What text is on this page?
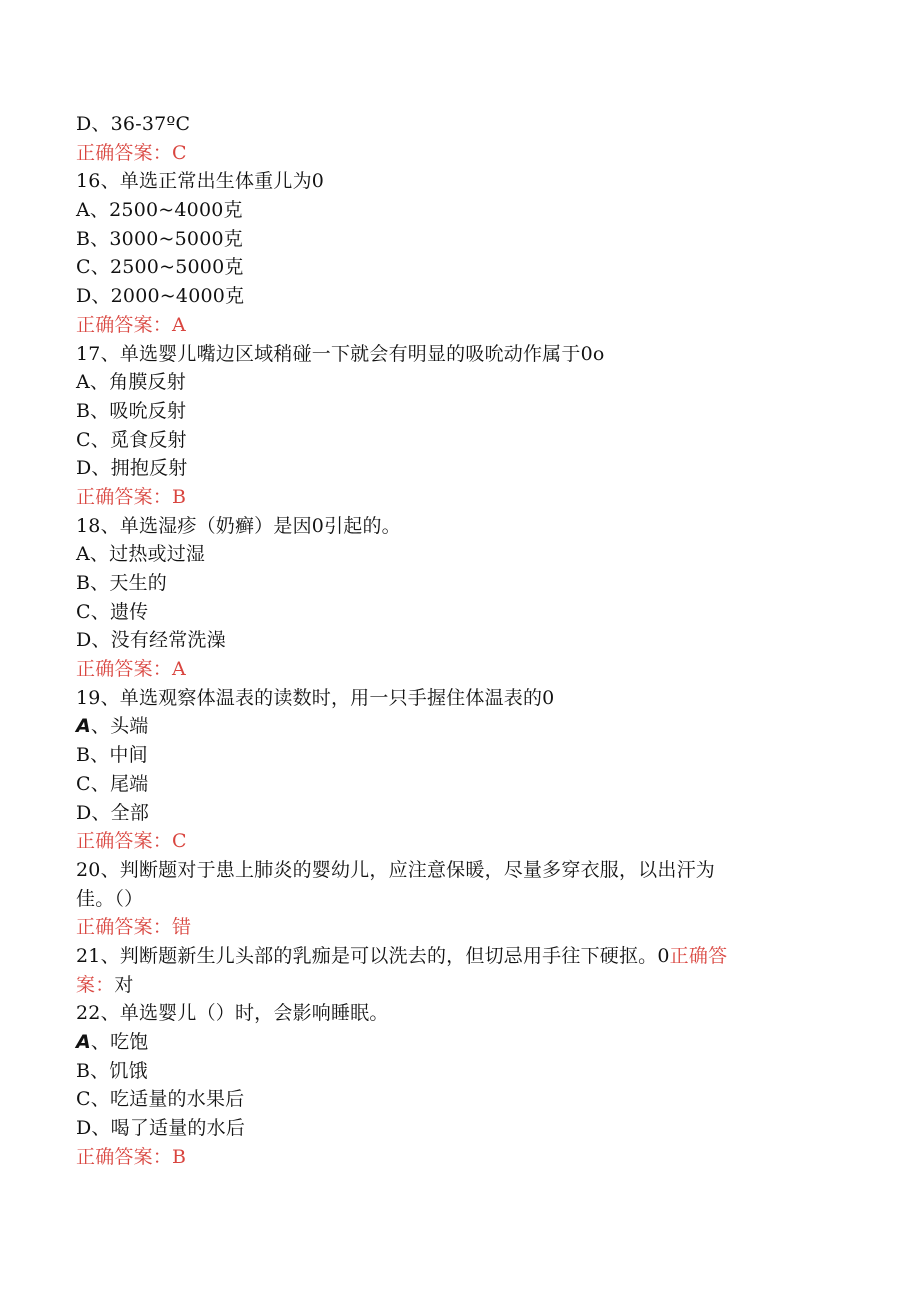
D、36-37ºC
正确答案：C
16、单选正常出生体重儿为0
A、2500~4000克
B、3000~5000克
C、2500~5000克
D、2000~4000克
正确答案：A
17、单选婴儿嘴边区域稍碰一下就会有明显的吸吮动作属于0o
A、角膜反射
B、吸吮反射
C、觅食反射
D、拥抱反射
正确答案：B
18、单选湿疹（奶癣）是因0引起的。
A、过热或过湿
B、天生的
C、遗传
D、没有经常洗澡
正确答案：A
19、单选观察体温表的读数时，用一只手握住体温表的0
A、头端
B、中间
C、尾端
D、全部
正确答案：C
20、判断题对于患上肺炎的婴幼儿，应注意保暖，尽量多穿衣服，以出汗为
佳。（）
正确答案：错
21、判断题新生儿头部的乳痂是可以洗去的，但切忌用手往下硬抠。0正确答
案：对
22、单选婴儿（）时，会影响睡眠。
A、吃饱
B、饥饿
C、吃适量的水果后
D、喝了适量的水后
正确答案：B
